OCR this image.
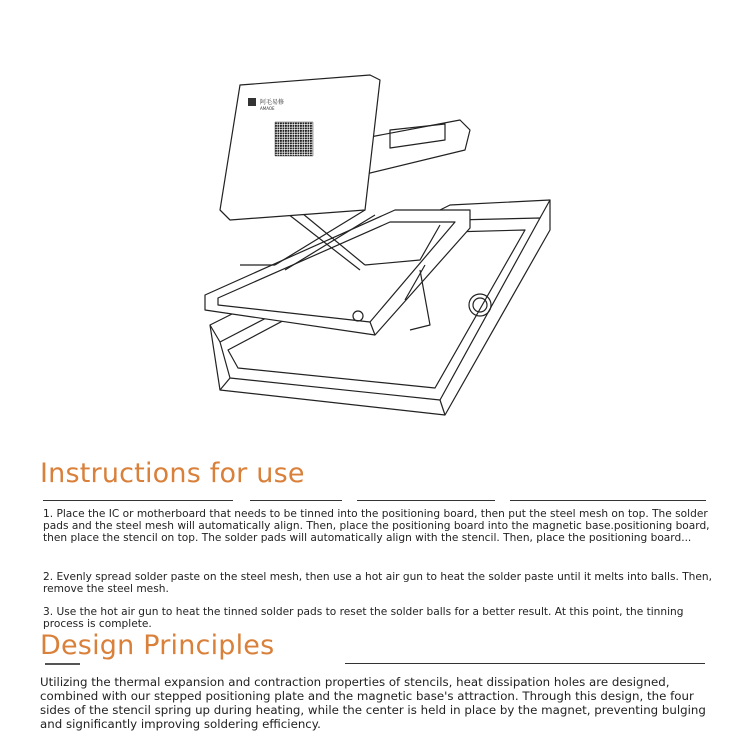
阿毛易修
AMAOE
Instructions for use

1. Place the IC or motherboard that needs to be tinned into the positioning board, then put the steel mesh on top. The solder pads and the steel mesh will automatically align. Then, place the positioning board into the magnetic base.positioning board, then place the stencil on top. The solder pads will automatically align with the stencil. Then, place the positioning board...

2. Evenly spread solder paste on the steel mesh, then use a hot air gun to heat the solder paste until it melts into balls. Then, remove the steel mesh.

3. Use the hot air gun to heat the tinned solder pads to reset the solder balls for a better result. At this point, the tinning process is complete.

Design Principles

Utilizing the thermal expansion and contraction properties of stencils, heat dissipation holes are designed, combined with our stepped positioning plate and the magnetic base's attraction. Through this design, the four sides of the stencil spring up during heating, while the center is held in place by the magnet, preventing bulging and significantly improving soldering efficiency.
